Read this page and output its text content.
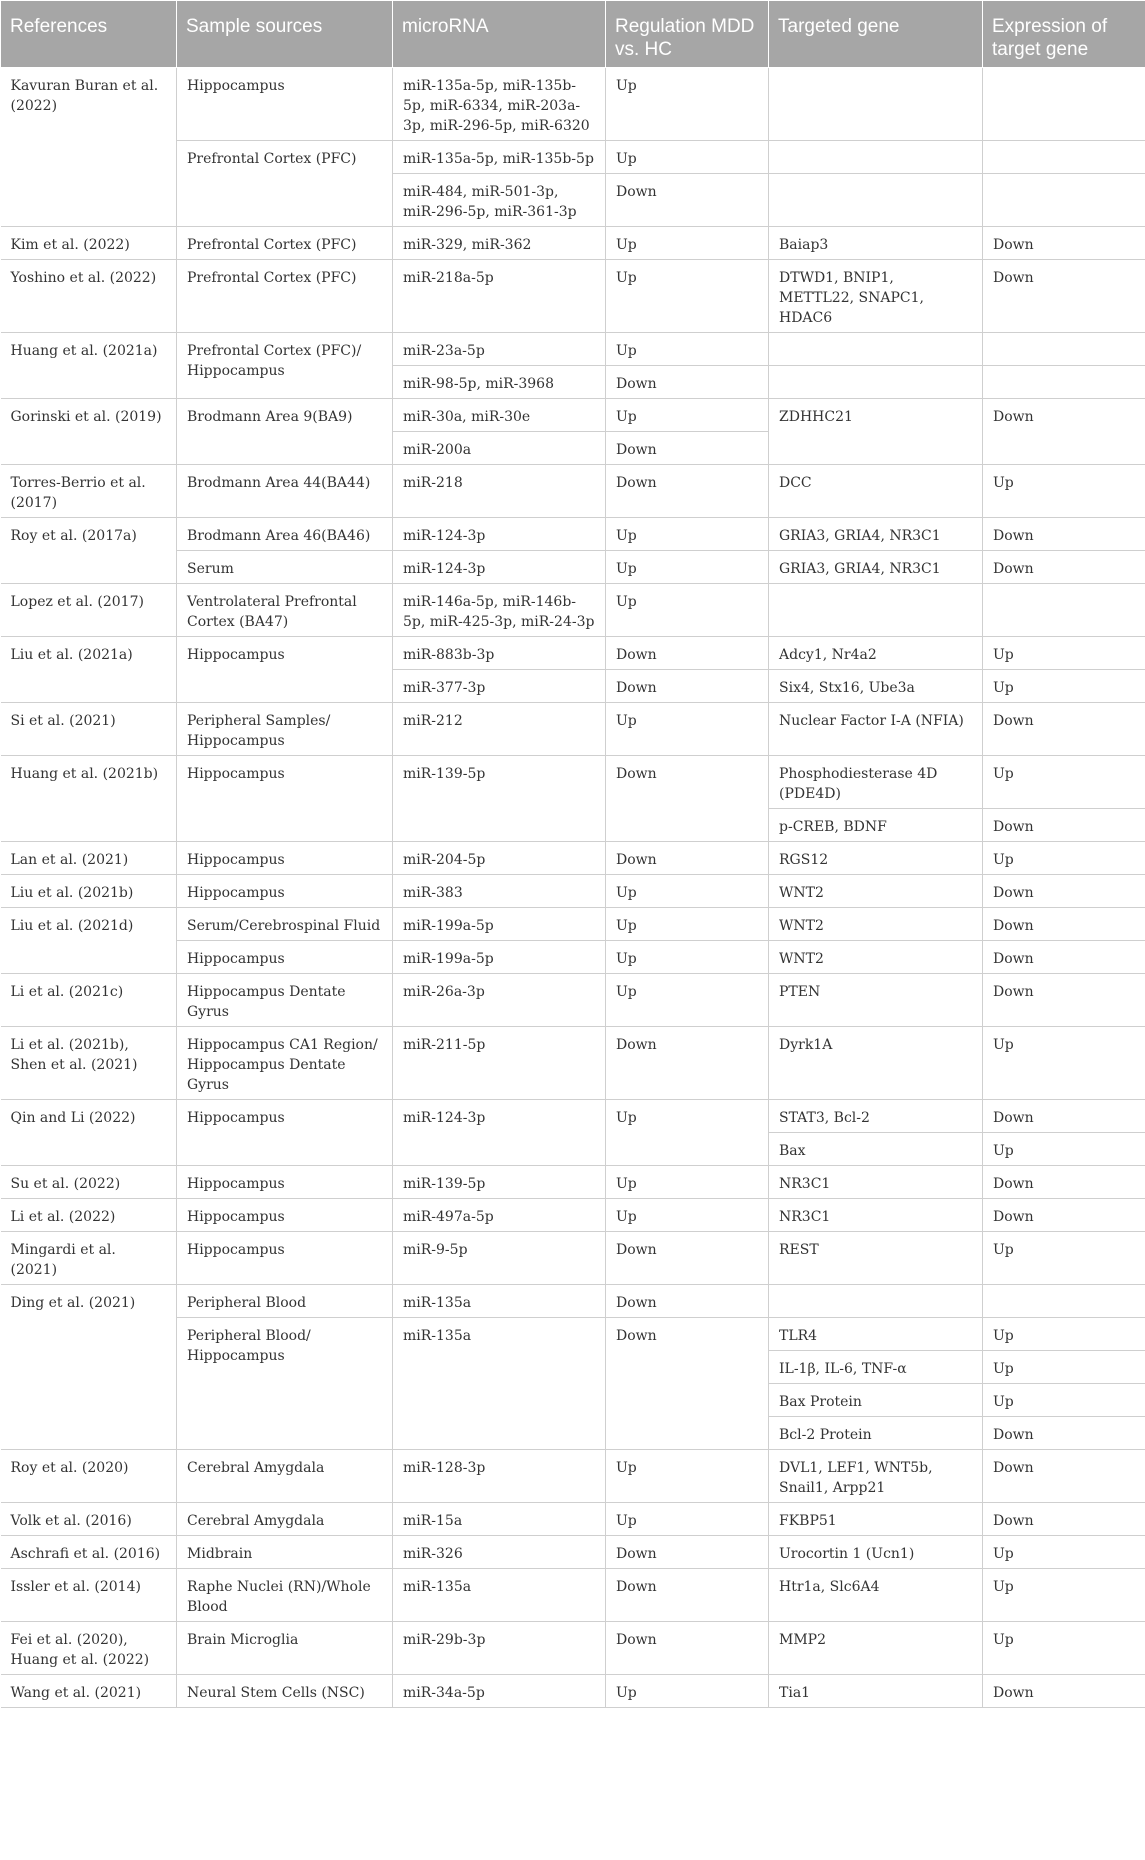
References	Sample sources	microRNA	Regulation MDD vs. HC	Targeted gene	Expression of target gene
Kavuran Buran et al. (2022)	Hippocampus	miR-135a-5p, miR-135b-5p, miR-6334, miR-203a-3p, miR-296-5p, miR-6320	Up		
	Prefrontal Cortex (PFC)	miR-135a-5p, miR-135b-5p	Up		
		miR-484, miR-501-3p, miR-296-5p, miR-361-3p	Down		
Kim et al. (2022)	Prefrontal Cortex (PFC)	miR-329, miR-362	Up	Baiap3	Down
Yoshino et al. (2022)	Prefrontal Cortex (PFC)	miR-218a-5p	Up	DTWD1, BNIP1, METTL22, SNAPC1, HDAC6	Down
Huang et al. (2021a)	Prefrontal Cortex (PFC)/ Hippocampus	miR-23a-5p	Up		
		miR-98-5p, miR-3968	Down		
Gorinski et al. (2019)	Brodmann Area 9(BA9)	miR-30a, miR-30e	Up	ZDHHC21	Down
		miR-200a	Down		
Torres-Berrio et al. (2017)	Brodmann Area 44(BA44)	miR-218	Down	DCC	Up
Roy et al. (2017a)	Brodmann Area 46(BA46)	miR-124-3p	Up	GRIA3, GRIA4, NR3C1	Down
	Serum	miR-124-3p	Up	GRIA3, GRIA4, NR3C1	Down
Lopez et al. (2017)	Ventrolateral Prefrontal Cortex (BA47)	miR-146a-5p, miR-146b-5p, miR-425-3p, miR-24-3p	Up		
Liu et al. (2021a)	Hippocampus	miR-883b-3p	Down	Adcy1, Nr4a2	Up
		miR-377-3p	Down	Six4, Stx16, Ube3a	Up
Si et al. (2021)	Peripheral Samples/ Hippocampus	miR-212	Up	Nuclear Factor I-A (NFIA)	Down
Huang et al. (2021b)	Hippocampus	miR-139-5p	Down	Phosphodiesterase 4D (PDE4D)	Up
				p-CREB, BDNF	Down
Lan et al. (2021)	Hippocampus	miR-204-5p	Down	RGS12	Up
Liu et al. (2021b)	Hippocampus	miR-383	Up	WNT2	Down
Liu et al. (2021d)	Serum/Cerebrospinal Fluid	miR-199a-5p	Up	WNT2	Down
	Hippocampus	miR-199a-5p	Up	WNT2	Down
Li et al. (2021c)	Hippocampus Dentate Gyrus	miR-26a-3p	Up	PTEN	Down
Li et al. (2021b), Shen et al. (2021)	Hippocampus CA1 Region/ Hippocampus Dentate Gyrus	miR-211-5p	Down	Dyrk1A	Up
Qin and Li (2022)	Hippocampus	miR-124-3p	Up	STAT3, Bcl-2	Down
				Bax	Up
Su et al. (2022)	Hippocampus	miR-139-5p	Up	NR3C1	Down
Li et al. (2022)	Hippocampus	miR-497a-5p	Up	NR3C1	Down
Mingardi et al. (2021)	Hippocampus	miR-9-5p	Down	REST	Up
Ding et al. (2021)	Peripheral Blood	miR-135a	Down		
	Peripheral Blood/ Hippocampus	miR-135a	Down	TLR4	Up
				IL-1β, IL-6, TNF-α	Up
				Bax Protein	Up
				Bcl-2 Protein	Down
Roy et al. (2020)	Cerebral Amygdala	miR-128-3p	Up	DVL1, LEF1, WNT5b, Snail1, Arpp21	Down
Volk et al. (2016)	Cerebral Amygdala	miR-15a	Up	FKBP51	Down
Aschrafi et al. (2016)	Midbrain	miR-326	Down	Urocortin 1 (Ucn1)	Up
Issler et al. (2014)	Raphe Nuclei (RN)/Whole Blood	miR-135a	Down	Htr1a, Slc6A4	Up
Fei et al. (2020), Huang et al. (2022)	Brain Microglia	miR-29b-3p	Down	MMP2	Up
Wang et al. (2021)	Neural Stem Cells (NSC)	miR-34a-5p	Up	Tia1	Down
